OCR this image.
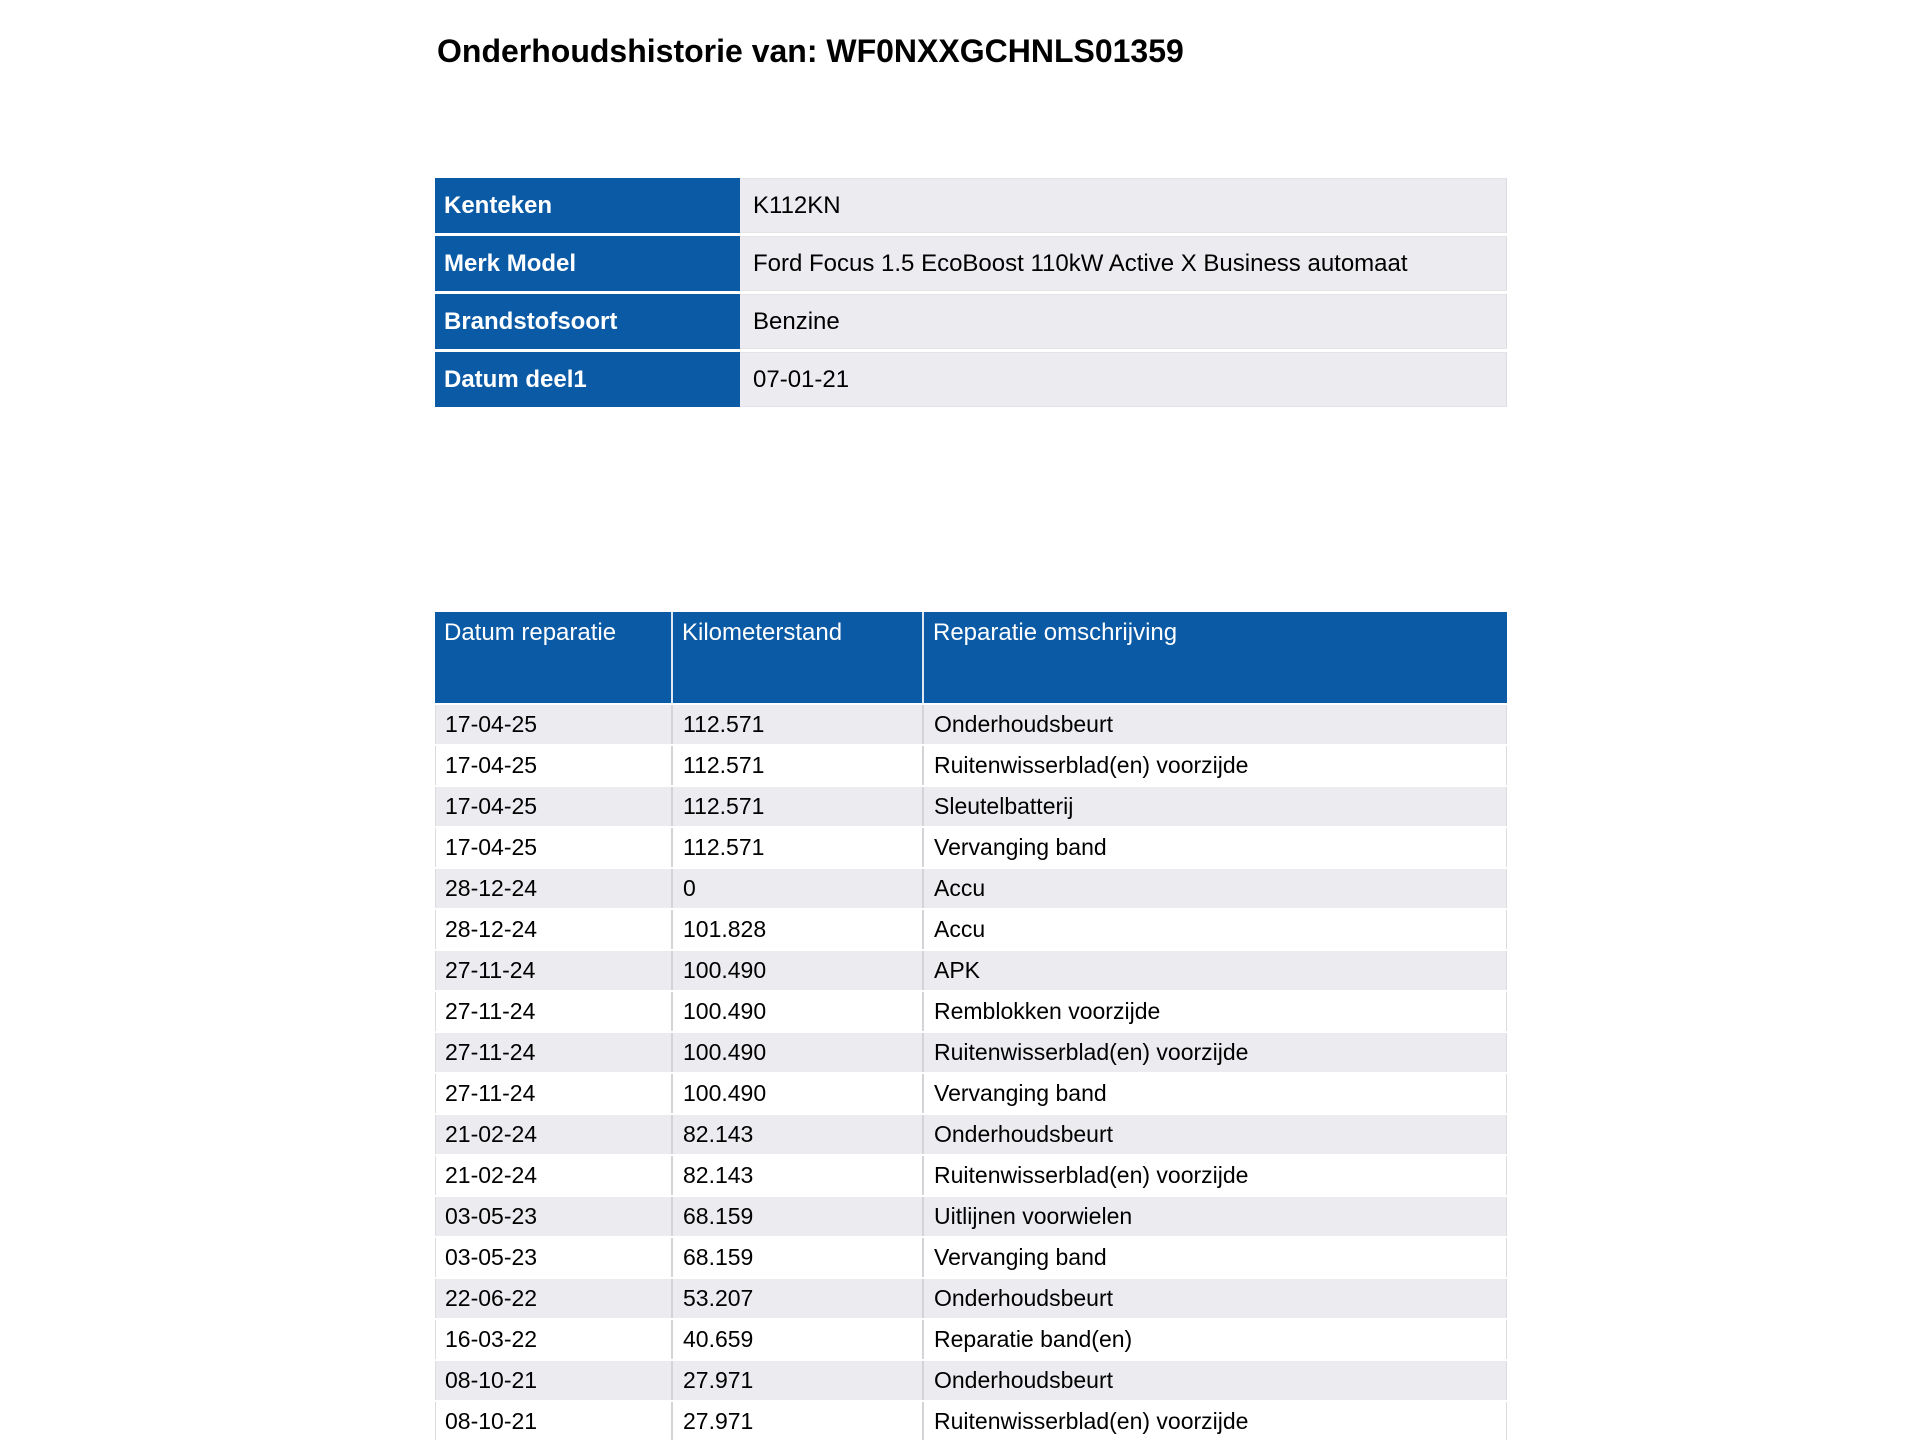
Onderhoudshistorie van: WF0NXXGCHNLS01359
Kenteken	K112KN
Merk Model	Ford Focus 1.5 EcoBoost 110kW Active X Business automaat
Brandstofsoort	Benzine
Datum deel1	07-01-21
Datum reparatie	Kilometerstand	Reparatie omschrijving
17-04-25	112.571	Onderhoudsbeurt
17-04-25	112.571	Ruitenwisserblad(en) voorzijde
17-04-25	112.571	Sleutelbatterij
17-04-25	112.571	Vervanging band
28-12-24	0	Accu
28-12-24	101.828	Accu
27-11-24	100.490	APK
27-11-24	100.490	Remblokken voorzijde
27-11-24	100.490	Ruitenwisserblad(en) voorzijde
27-11-24	100.490	Vervanging band
21-02-24	82.143	Onderhoudsbeurt
21-02-24	82.143	Ruitenwisserblad(en) voorzijde
03-05-23	68.159	Uitlijnen voorwielen
03-05-23	68.159	Vervanging band
22-06-22	53.207	Onderhoudsbeurt
16-03-22	40.659	Reparatie band(en)
08-10-21	27.971	Onderhoudsbeurt
08-10-21	27.971	Ruitenwisserblad(en) voorzijde
